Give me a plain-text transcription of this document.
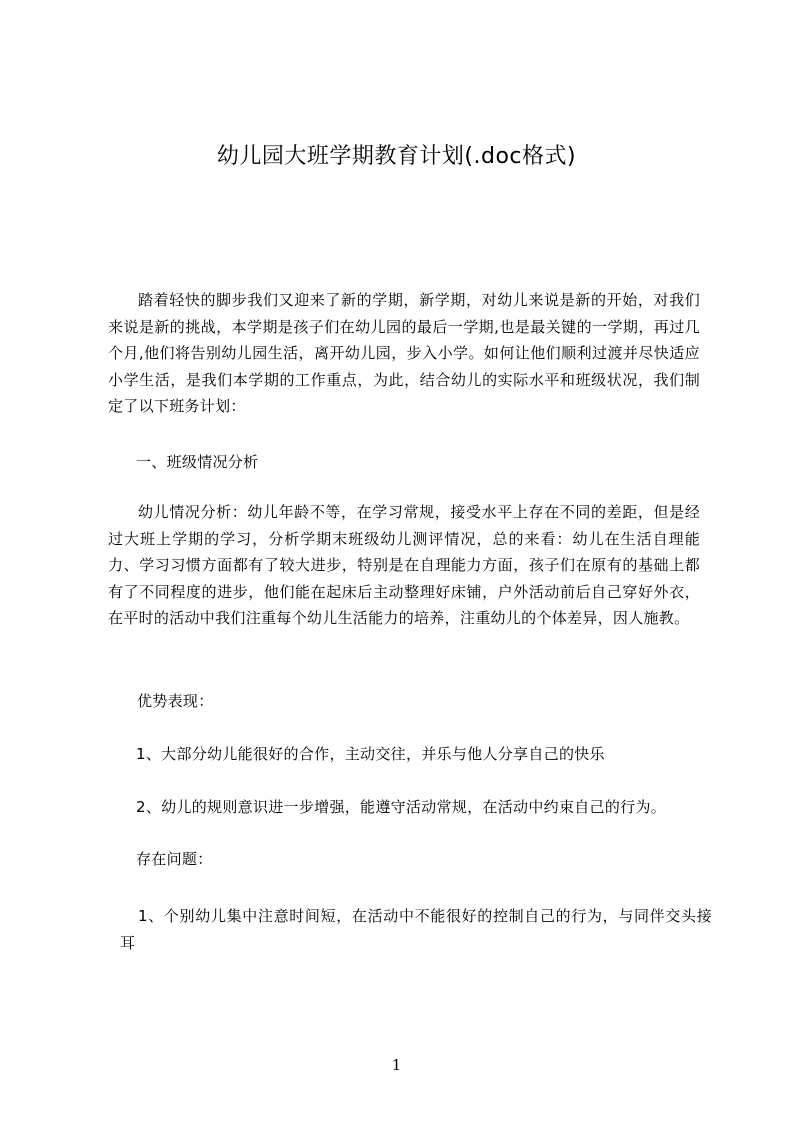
幼儿园大班学期教育计划(.doc格式)

踏着轻快的脚步我们又迎来了新的学期，新学期，对幼儿来说是新的开始，对我们来说是新的挑战，本学期是孩子们在幼儿园的最后一学期,也是最关键的一学期，再过几个月,他们将告别幼儿园生活，离开幼儿园，步入小学。如何让他们顺利过渡并尽快适应小学生活，是我们本学期的工作重点，为此，结合幼儿的实际水平和班级状况，我们制定了以下班务计划：

一、班级情况分析

幼儿情况分析：幼儿年龄不等，在学习常规，接受水平上存在不同的差距，但是经过大班上学期的学习，分析学期末班级幼儿测评情况，总的来看：幼儿在生活自理能力、学习习惯方面都有了较大进步，特别是在自理能力方面，孩子们在原有的基础上都有了不同程度的进步，他们能在起床后主动整理好床铺，户外活动前后自己穿好外衣，在平时的活动中我们注重每个幼儿生活能力的培养，注重幼儿的个体差异，因人施教。

优势表现：
1、大部分幼儿能很好的合作，主动交往，并乐与他人分享自己的快乐
2、幼儿的规则意识进一步增强，能遵守活动常规，在活动中约束自己的行为。
存在问题：

1、个别幼儿集中注意时间短，在活动中不能很好的控制自己的行为，与同伴交头接耳

1
